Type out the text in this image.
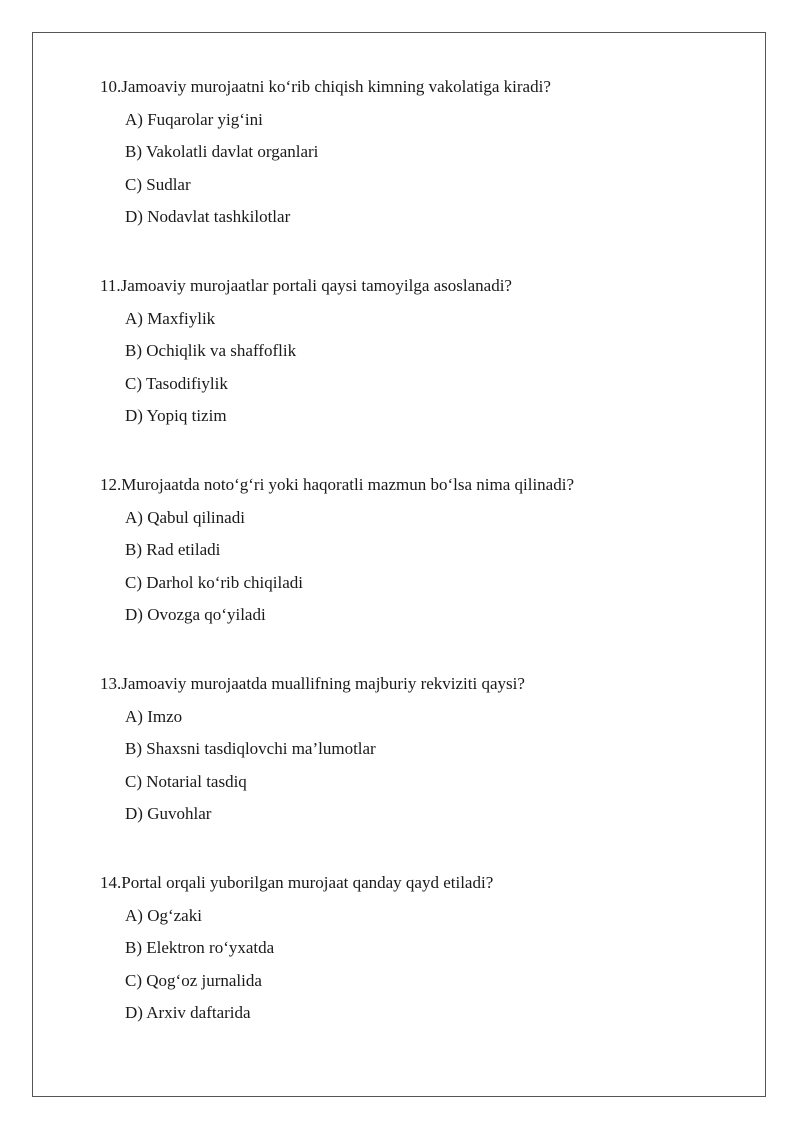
10.Jamoaviy murojaatni ko‘rib chiqish kimning vakolatiga kiradi?
A) Fuqarolar yig‘ini
B) Vakolatli davlat organlari
C) Sudlar
D) Nodavlat tashkilotlar
11.Jamoaviy murojaatlar portali qaysi tamoyilga asoslanadi?
A) Maxfiylik
B) Ochiqlik va shaffoflik
C) Tasodifiylik
D) Yopiq tizim
12.Murojaatda noto‘g‘ri yoki haqoratli mazmun bo‘lsa nima qilinadi?
A) Qabul qilinadi
B) Rad etiladi
C) Darhol ko‘rib chiqiladi
D) Ovozga qo‘yiladi
13.Jamoaviy murojaatda muallifning majburiy rekviziti qaysi?
A) Imzo
B) Shaxsni tasdiqlovchi ma’lumotlar
C) Notarial tasdiq
D) Guvohlar
14.Portal orqali yuborilgan murojaat qanday qayd etiladi?
A) Og‘zaki
B) Elektron ro‘yxatda
C) Qog‘oz jurnalida
D) Arxiv daftarida
